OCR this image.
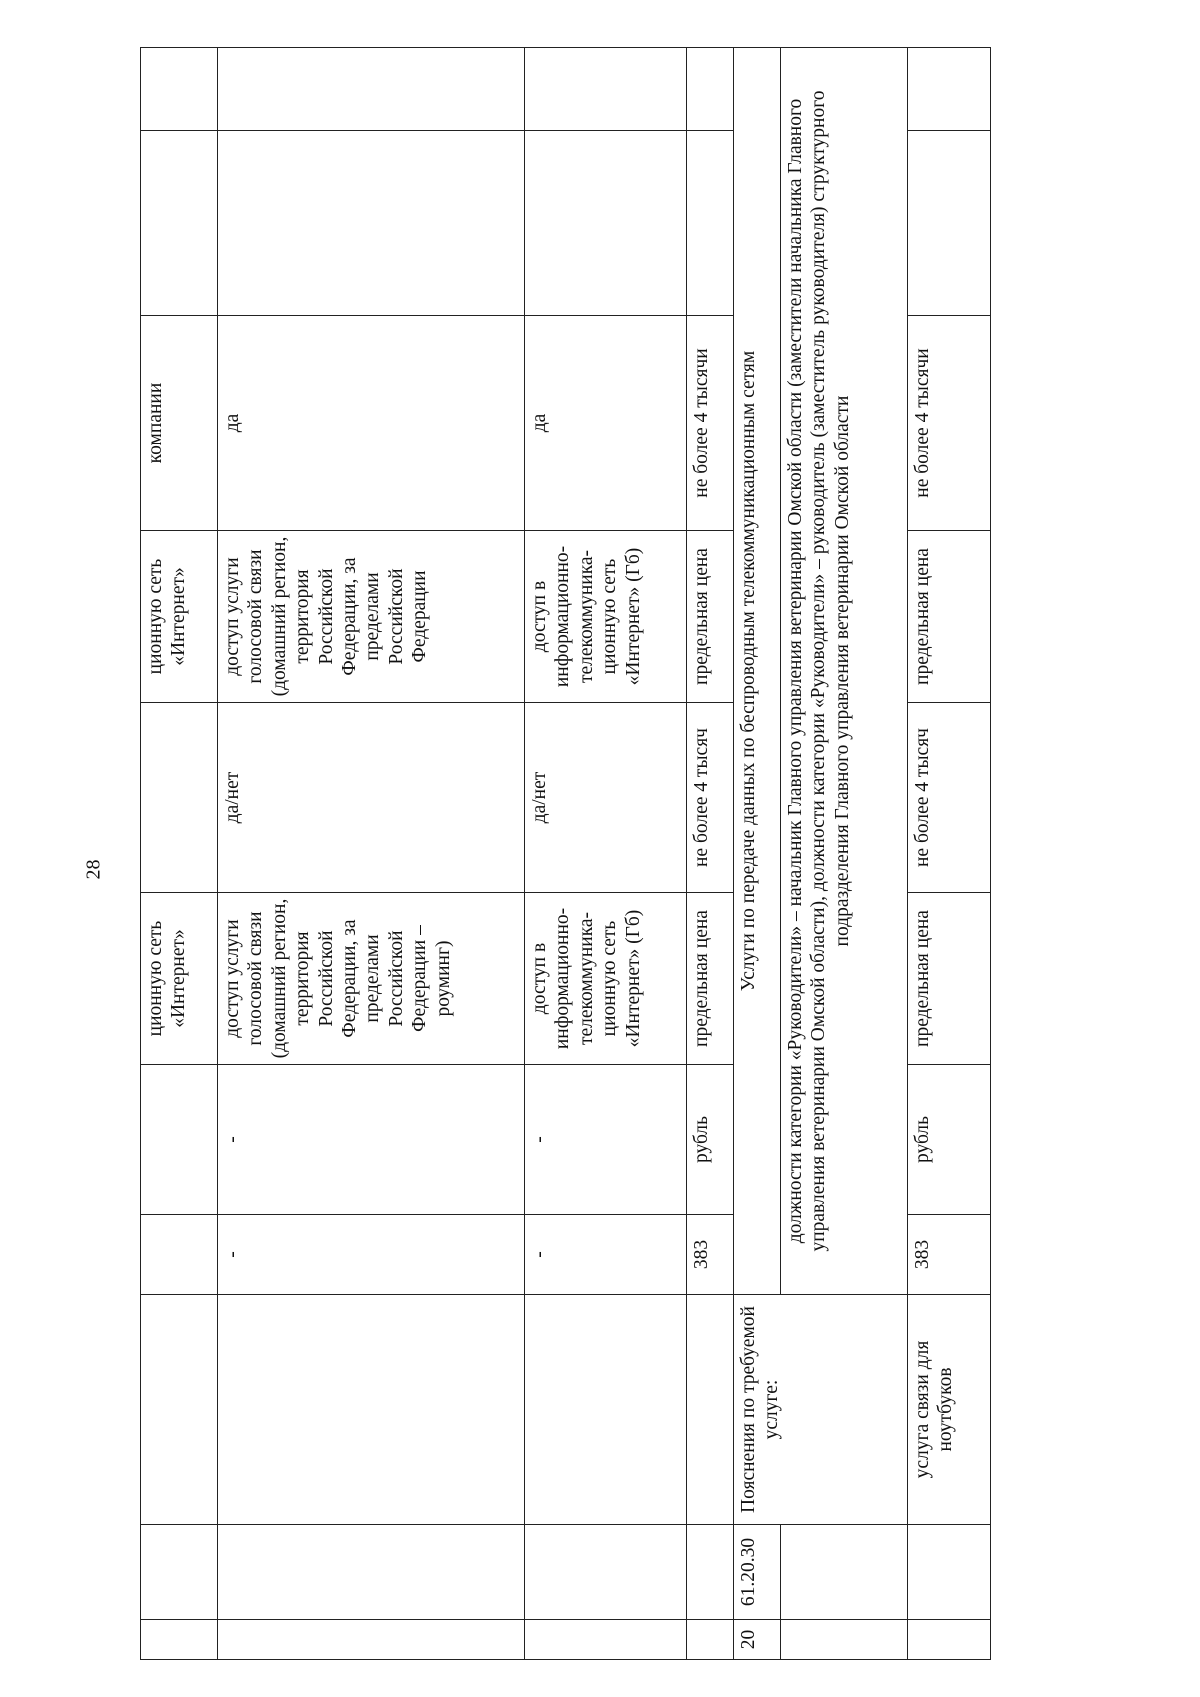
28
					ционную сеть «Интернет»		ционную сеть «Интернет»	компании		
			-	-	доступ услуги голосовой связи (домашний регион, территория Российской Федерации, за пределами Российской Федерации – роуминг)	да/нет	доступ услуги голосовой связи (домашний регион, территория Российской Федерации, за пределами Российской Федерации	да		
			-	-	доступ в информационно-телекоммуника-ционную сеть «Интернет» (Гб)	да/нет	доступ в информационно-телекоммуника-ционную сеть «Интернет» (Гб)	да		
			383	рубль	предельная цена	не более 4 тысяч	предельная цена	не более 4 тысячи		
20	61.20.30	Пояснения по требуемой услуге:	Услуги по передаче данных по беспроводным телекоммуникационным сетям							
			должности категории «Руководители» – начальник Главного управления ветеринарии Омской области (заместители начальника Главного управления ветеринарии Омской области), должности категории «Руководители» – руководитель (заместитель руководителя) структурного подразделения Главного управления ветеринарии Омской области							
		услуга связи для ноутбуков	383	рубль	предельная цена	не более 4 тысяч	предельная цена	не более 4 тысячи		
